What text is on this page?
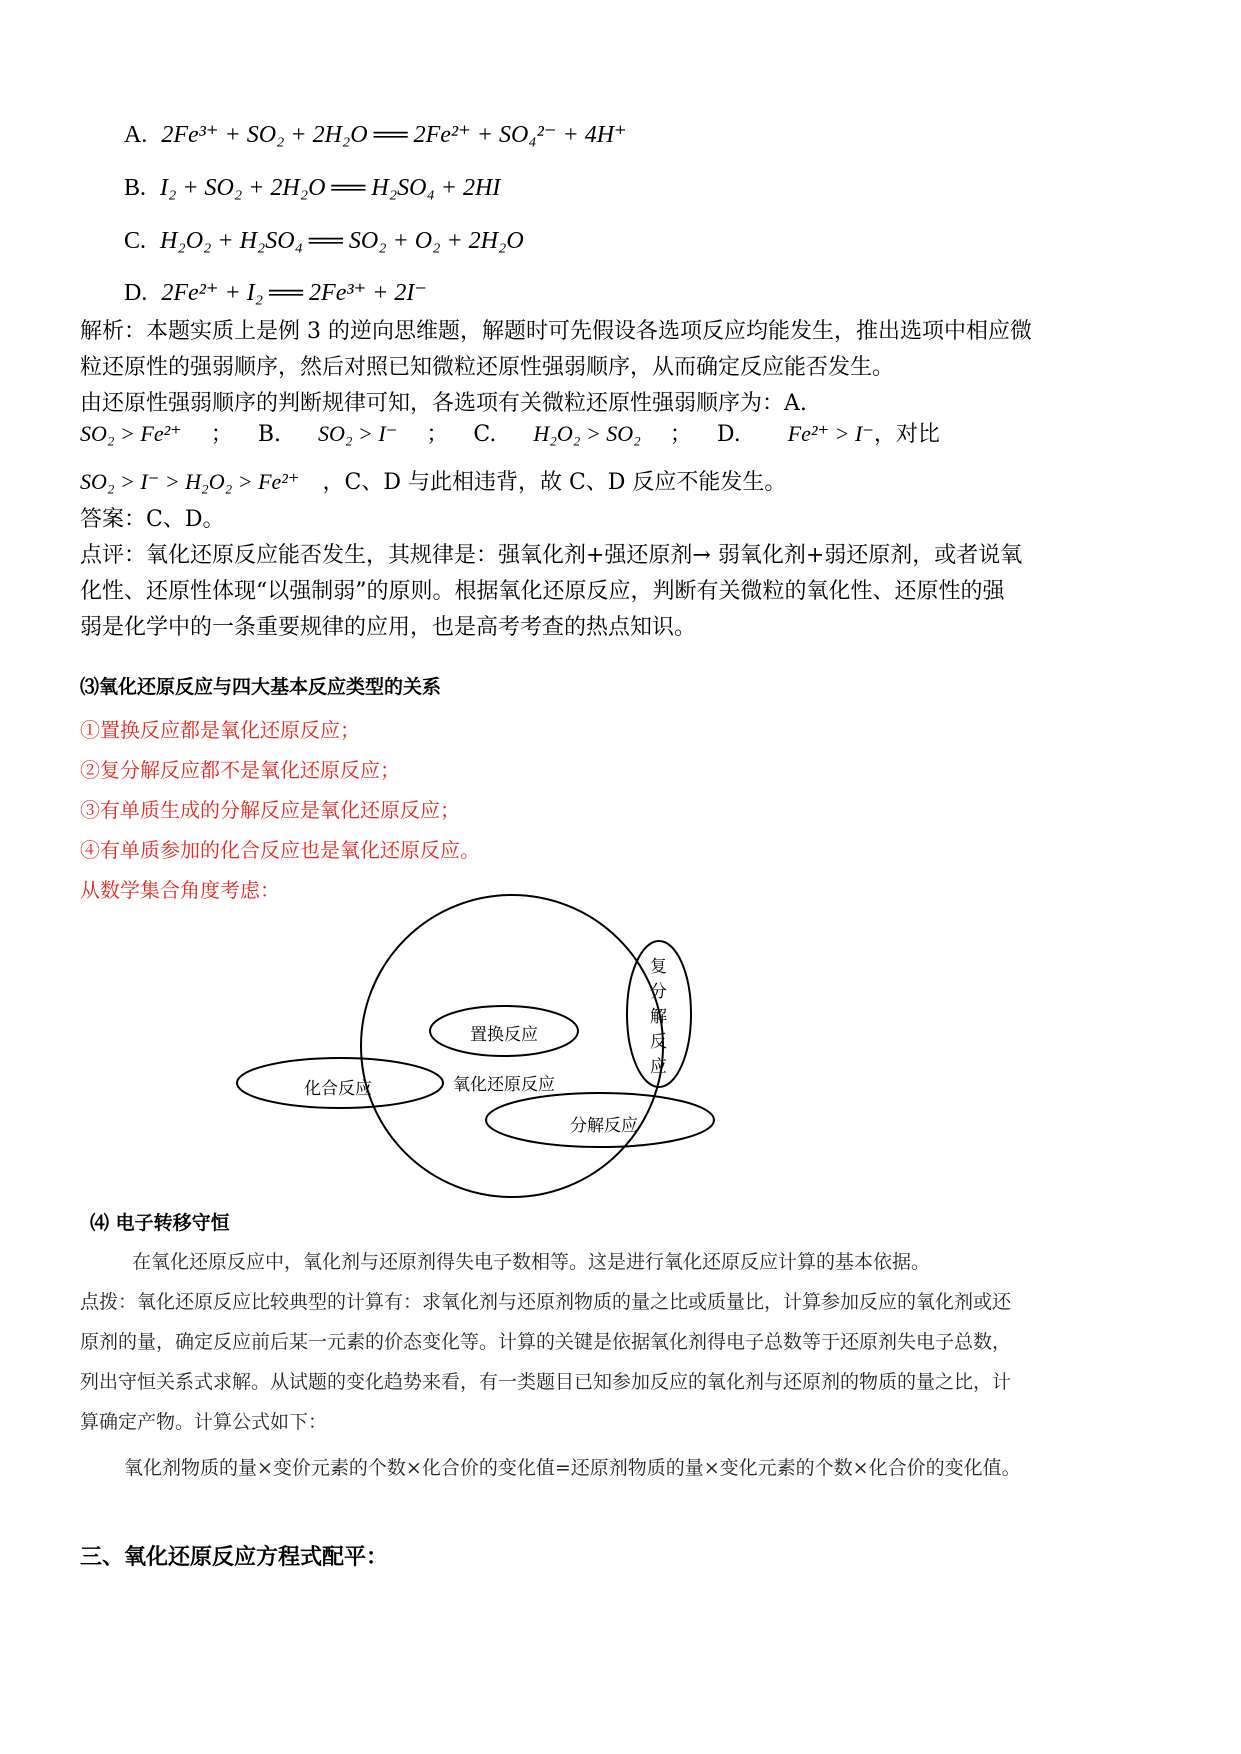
A. 2Fe³⁺ + SO₂ + 2H₂O ══ 2Fe²⁺ + SO₄²⁻ + 4H⁺
B. I₂ + SO₂ + 2H₂O ══ H₂SO₄ + 2HI
C. H₂O₂ + H₂SO₄ ══ SO₂ + O₂ + 2H₂O
D. 2Fe²⁺ + I₂ ══ 2Fe³⁺ + 2I⁻
解析：本题实质上是例 3 的逆向思维题，解题时可先假设各选项反应均能发生，推出选项中相应微
粒还原性的强弱顺序，然后对照已知微粒还原性强弱顺序，从而确定反应能否发生。
由还原性强弱顺序的判断规律可知，各选项有关微粒还原性强弱顺序为：A.
SO₂ > Fe²⁺ ； B. SO₂ > I⁻ ； C. H₂O₂ > SO₂ ； D. Fe²⁺ > I⁻，对比
SO₂ > I⁻ > H₂O₂ > Fe²⁺ ，C、D 与此相违背，故 C、D 反应不能发生。
答案：C、D。
点评：氧化还原反应能否发生，其规律是：强氧化剂+强还原剂→ 弱氧化剂+弱还原剂，或者说氧
化性、还原性体现“以强制弱”的原则。根据氧化还原反应，判断有关微粒的氧化性、还原性的强
弱是化学中的一条重要规律的应用，也是高考考查的热点知识。
⑶氧化还原反应与四大基本反应类型的关系
①置换反应都是氧化还原反应；
②复分解反应都不是氧化还原反应；
③有单质生成的分解反应是氧化还原反应；
④有单质参加的化合反应也是氧化还原反应。
从数学集合角度考虑：
置换反应
氧化还原反应
化合反应
分解反应
复
分
解
反
应
⑷ 电子转移守恒
在氧化还原反应中，氧化剂与还原剂得失电子数相等。这是进行氧化还原反应计算的基本依据。
点拨：氧化还原反应比较典型的计算有：求氧化剂与还原剂物质的量之比或质量比，计算参加反应的氧化剂或还
原剂的量，确定反应前后某一元素的价态变化等。计算的关键是依据氧化剂得电子总数等于还原剂失电子总数，
列出守恒关系式求解。从试题的变化趋势来看，有一类题目已知参加反应的氧化剂与还原剂的物质的量之比，计
算确定产物。计算公式如下：
氧化剂物质的量×变价元素的个数×化合价的变化值=还原剂物质的量×变化元素的个数×化合价的变化值。
三、氧化还原反应方程式配平：
